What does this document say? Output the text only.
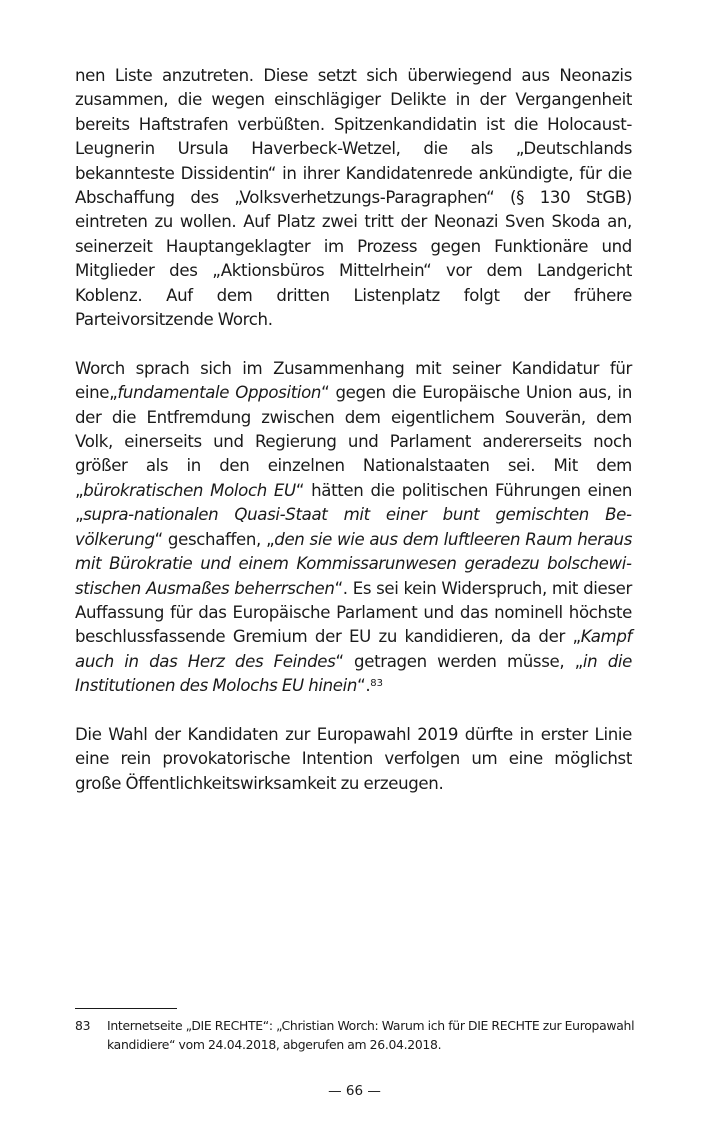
nen Liste anzutreten. Diese setzt sich überwiegend aus Neonazis zusammen, die wegen einschlägiger Delikte in der Vergangenheit bereits Haftstrafen verbüßten. Spitzenkandidatin ist die Holocaust-Leugnerin Ursula Haverbeck-Wetzel, die als „Deutschlands bekannteste Dissidentin“ in ihrer Kandidatenrede ankündigte, für die Abschaffung des „Volksverhetzungs-Paragraphen“ (§ 130 StGB) eintreten zu wollen. Auf Platz zwei tritt der Neonazi Sven Skoda an, seinerzeit Hauptangeklagter im Prozess gegen Funktionäre und Mitglieder des „Aktionsbüros Mittelrhein“ vor dem Landgericht Koblenz. Auf dem dritten Listenplatz folgt der frühere Parteivorsitzende Worch.

Worch sprach sich im Zusammenhang mit seiner Kandidatur für eine„fundamentale Opposition“ gegen die Europäische Union aus, in der die Entfremdung zwischen dem eigentlichem Souverän, dem Volk, einerseits und Regierung und Parlament andererseits noch größer als in den einzelnen Nationalstaaten sei. Mit dem „bürokratischen Moloch EU“ hätten die politischen Führungen einen „supra-nationalen Quasi-Staat mit einer bunt gemischten Bevölkerung“ geschaffen, „den sie wie aus dem luftleeren Raum heraus mit Bürokratie und einem Kommissarunwesen geradezu bolschewistischen Ausmaßes beherrschen“. Es sei kein Widerspruch, mit dieser Auffassung für das Europäische Parlament und das nominell höchste beschlussfassende Gremium der EU zu kandidieren, da der „Kampf auch in das Herz des Feindes“ getragen werden müsse, „in die Institutionen des Molochs EU hinein“.$^{83}$

Die Wahl der Kandidaten zur Europawahl 2019 dürfte in erster Linie eine rein provokatorische Intention verfolgen um eine möglichst große Öffentlichkeitswirksamkeit zu erzeugen.

83	Internetseite „DIE RECHTE“: „Christian Worch: Warum ich für DIE RECHTE zur Europawahl kandidiere“ vom 24.04.2018, abgerufen am 26.04.2018.
— 66 —
